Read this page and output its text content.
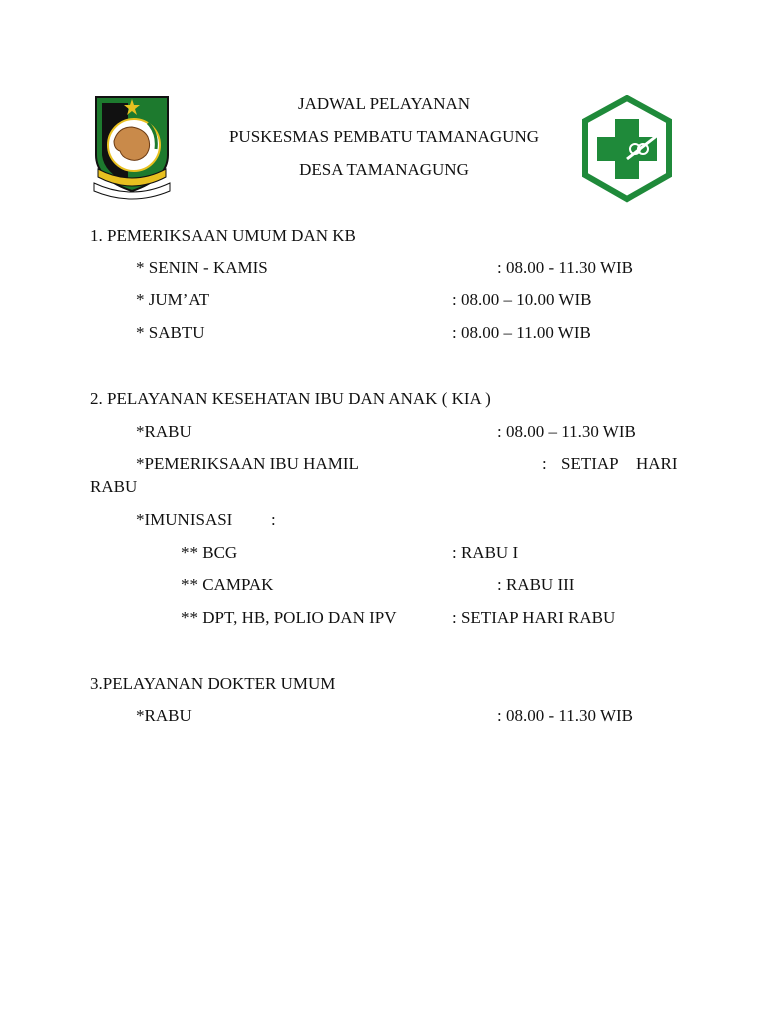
JADWAL PELAYANAN
PUSKESMAS PEMBATU TAMANAGUNG
DESA TAMANAGUNG
1. PEMERIKSAAN UMUM DAN KB
* SENIN - KAMIS	: 08.00 - 11.30 WIB
* JUM’AT	: 08.00 – 10.00 WIB
* SABTU	: 08.00 – 11.00 WIB
2. PELAYANAN KESEHATAN IBU DAN ANAK ( KIA )
*RABU	: 08.00 – 11.30 WIB
*PEMERIKSAAN IBU HAMIL	: SETIAP HARI
RABU
*IMUNISASI :
** BCG	: RABU I
** CAMPAK	: RABU III
** DPT, HB, POLIO DAN IPV	: SETIAP HARI RABU
3.PELAYANAN DOKTER UMUM
*RABU	: 08.00 - 11.30 WIB
